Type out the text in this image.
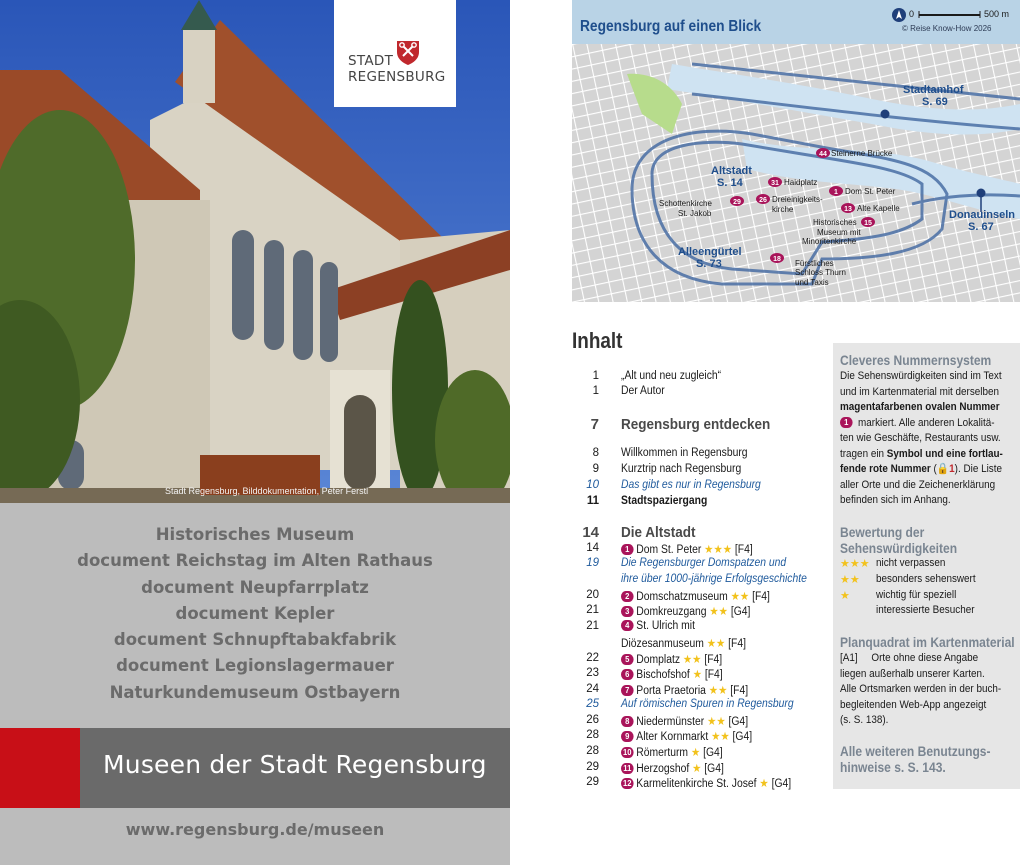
STADT
REGENSBURG
Stadt Regensburg, Bilddokumentation, Peter Ferstl
Historisches Museum
document Reichstag im Alten Rathaus
document Neupfarrplatz
document Kepler
document Schnupftabakfabrik
document Legionslagermauer
Naturkundemuseum Ostbayern
Museen der Stadt Regensburg
www.regensburg.de/museen
Regensburg auf einen Blick
0	500 m
© Reise Know-How 2026
Stadtamhof
S. 69
Altstadt
S. 14
Donauinseln
S. 67
Alleengürtel
S. 73
44 Steinerne Brücke
31 Haidplatz
1 Dom St. Peter
26 Dreieinigkeits-
kirche	13 Alte Kapelle
29
Schottenkirche
St. Jakob
15
Historisches
Museum mit
Minoritenkirche
18 Fürstliches
Schloss Thurn
und Taxis
Inhalt
1 „Alt und neu zugleich“
1 Der Autor
7 Regensburg entdecken
8 Willkommen in Regensburg
9 Kurztrip nach Regensburg
10 Das gibt es nur in Regensburg
11 Stadtspaziergang
14 Die Altstadt
14	1 Dom St. Peter ★★★ [F4]
19 Die Regensburger Domspatzen und
ihre über 1000-jährige Erfolgsgeschichte
20	2 Domschatzmuseum ★★ [F4]
21	3 Domkreuzgang ★★ [G4]
21	4 St. Ulrich mit
Diözesanmuseum ★★ [F4]
22	5 Domplatz ★★ [F4]
23	6 Bischofshof ★ [F4]
24	7 Porta Praetoria ★★ [F4]
25 Auf römischen Spuren in Regensburg
26	8 Niedermünster ★★ [G4]
28	9 Alter Kornmarkt ★★ [G4]
28	10 Römerturm ★ [G4]
29	11 Herzogshof ★ [G4]
29	12 Karmelitenkirche St. Josef ★ [G4]
Cleveres Nummernsystem
Die Sehenswürdigkeiten sind im Text
und im Kartenmaterial mit derselben
magentafarbenen ovalen Nummer
1 markiert. Alle anderen Lokalitä-
ten wie Geschäfte, Restaurants usw.
tragen ein Symbol und eine fortlau-
fende rote Nummer (🔒1). Die Liste
aller Orte und die Zeichenerklärung
befinden sich im Anhang.
Bewertung der
Sehenswürdigkeiten
★★★ nicht verpassen
★★ besonders sehenswert
★ wichtig für speziell
interessierte Besucher
Planquadrat im Kartenmaterial
[A1] Orte ohne diese Angabe
liegen außerhalb unserer Karten.
Alle Ortsmarken werden in der buch-
begleitenden Web-App angezeigt
(s. S. 138).
Alle weiteren Benutzungs-
hinweise s. S. 143.
